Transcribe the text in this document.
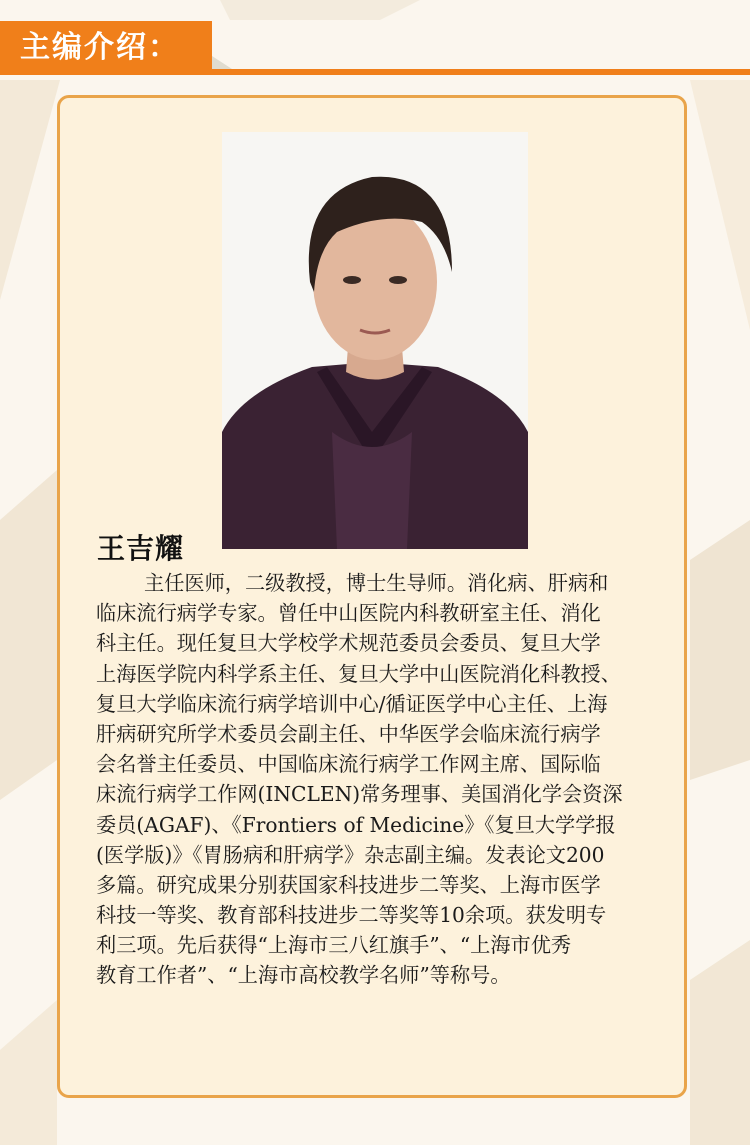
主编介绍：
王吉耀
主任医师，二级教授，博士生导师。消化病、肝病和
临床流行病学专家。曾任中山医院内科教研室主任、消化
科主任。现任复旦大学校学术规范委员会委员、复旦大学
上海医学院内科学系主任、复旦大学中山医院消化科教授、
复旦大学临床流行病学培训中心/循证医学中心主任、上海
肝病研究所学术委员会副主任、中华医学会临床流行病学
会名誉主任委员、中国临床流行病学工作网主席、国际临
床流行病学工作网(INCLEN)常务理事、美国消化学会资深
委员(AGAF)、《Frontiers of Medicine》《复旦大学学报
(医学版)》《胃肠病和肝病学》杂志副主编。发表论文200
多篇。研究成果分别获国家科技进步二等奖、上海市医学
科技一等奖、教育部科技进步二等奖等10余项。获发明专
利三项。先后获得“上海市三八红旗手”、“上海市优秀
教育工作者”、“上海市高校教学名师”等称号。
